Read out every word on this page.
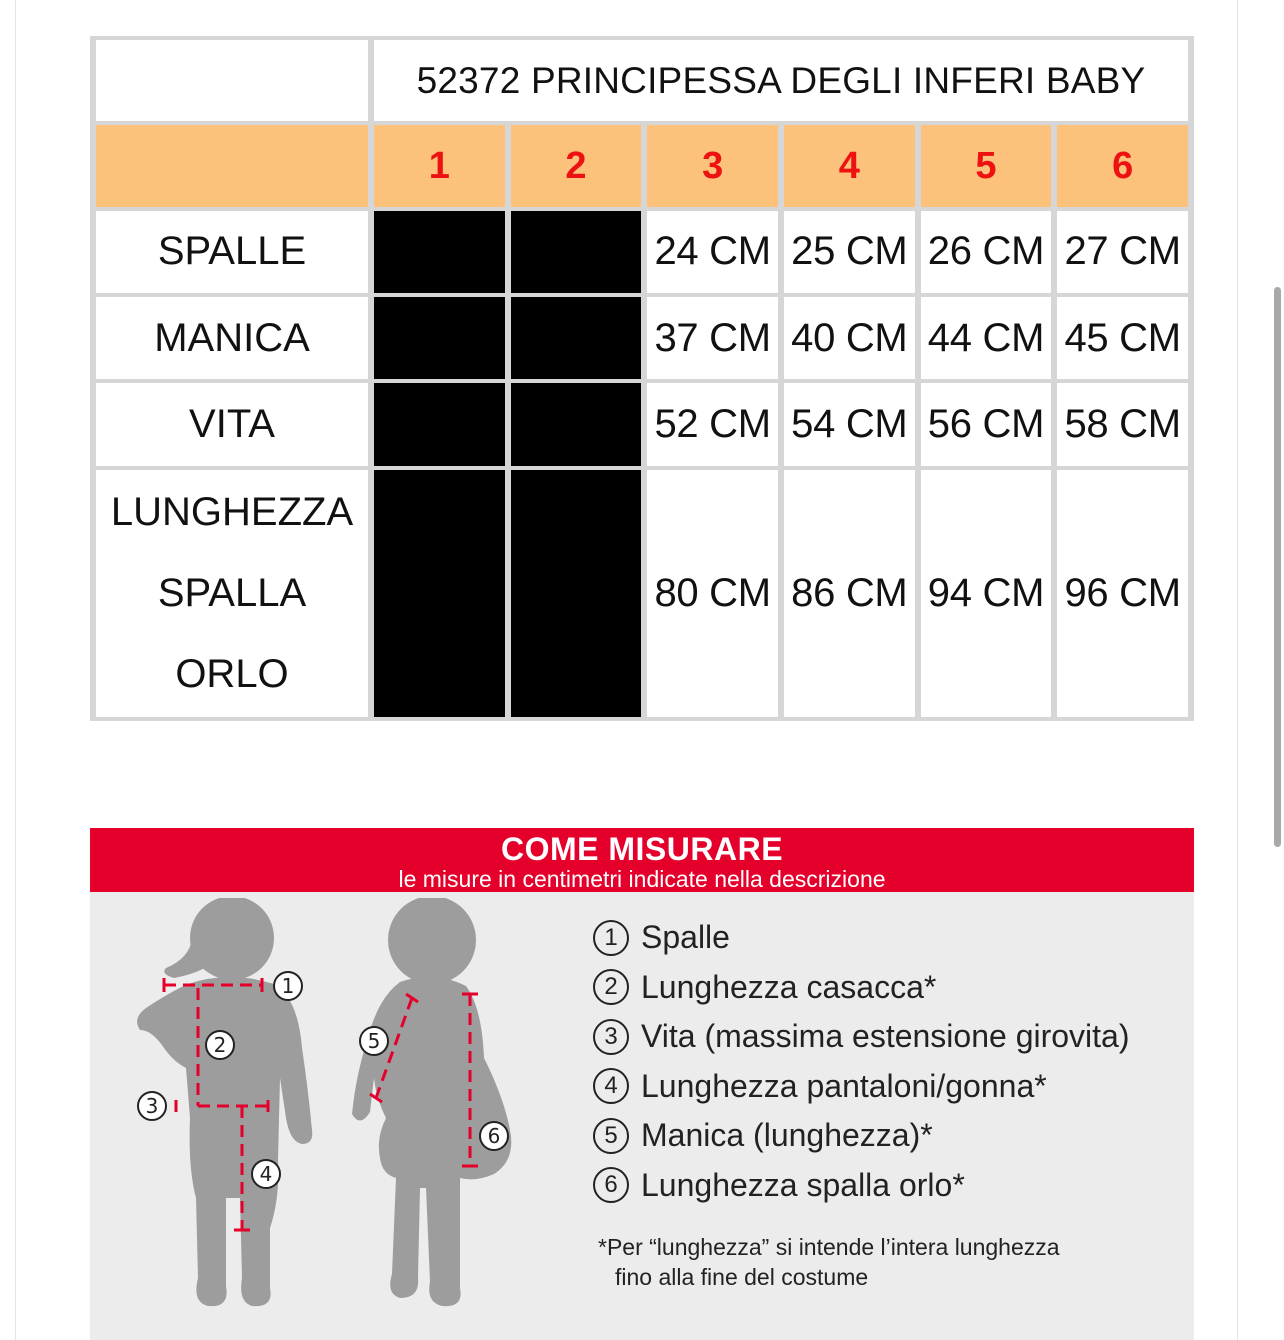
	52372 PRINCIPESSA DEGLI INFERI BABY					
	1	2	3	4	5	6
SPALLE			24 CM	25 CM	26 CM	27 CM
MANICA			37 CM	40 CM	44 CM	45 CM
VITA			52 CM	54 CM	56 CM	58 CM

LUNGHEZZA
SPALLA
ORLO			80 CM	86 CM	94 CM	96 CM
COME MISURARE
le misure in centimetri indicate nella descrizione
1
2
3
4
5
6
1 Spalle
2 Lunghezza casacca*
3 Vita (massima estensione girovita)
4 Lunghezza pantaloni/gonna*
5 Manica (lunghezza)*
6 Lunghezza spalla orlo*
*Per “lunghezza” si intende l’intera lunghezza
fino alla fine del costume
